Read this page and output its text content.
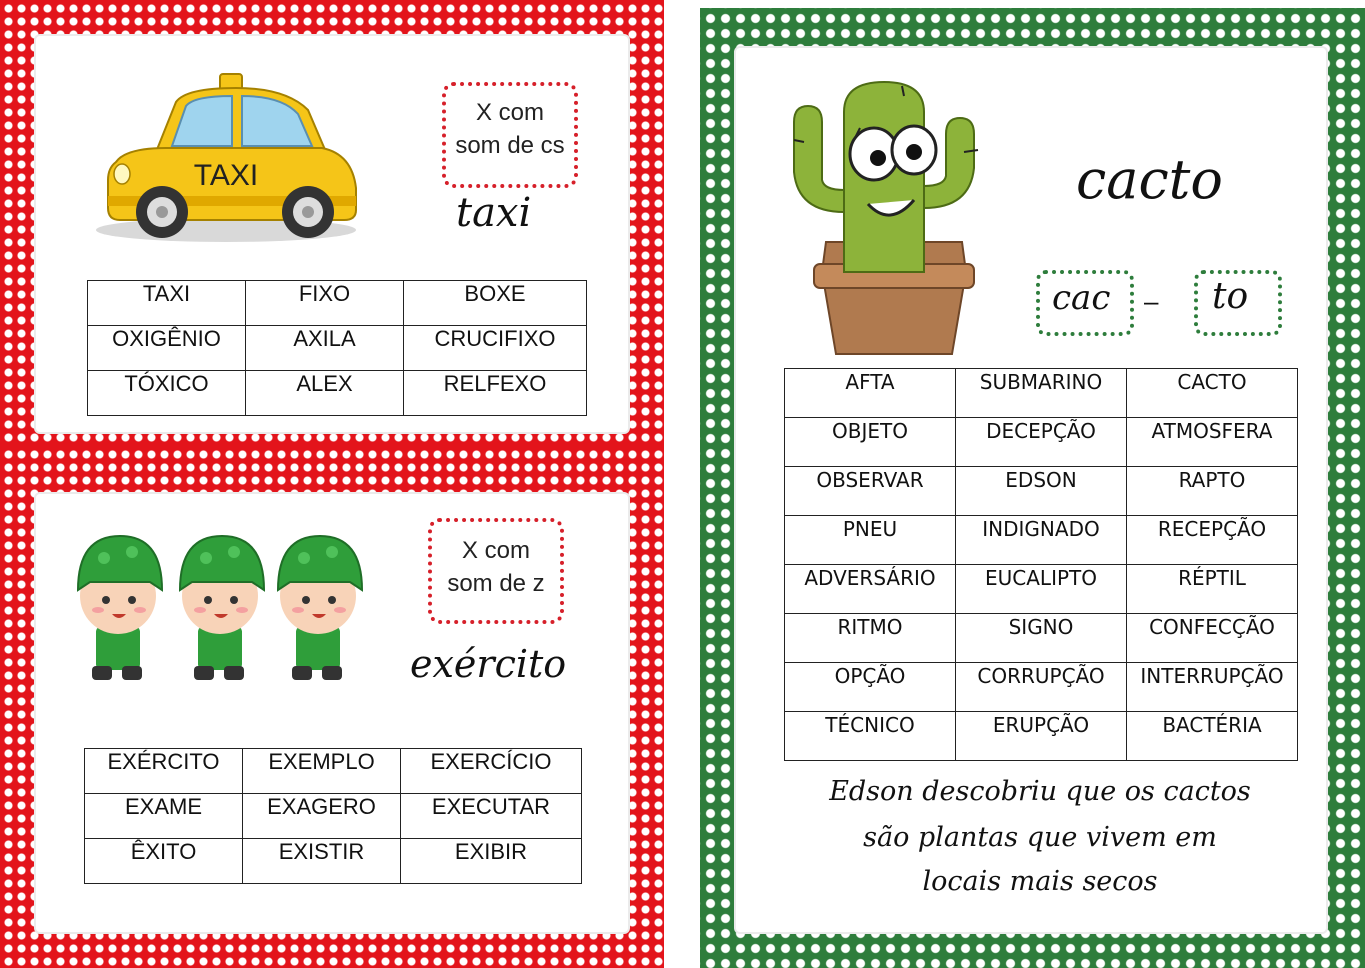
TAXI
X com
som de cs
taxi
TAXI	FIXO	BOXE
OXIGÊNIO	AXILA	CRUCIFIXO
TÓXICO	ALEX	RELFEXO
X com
som de z
exército
EXÉRCITO	EXEMPLO	EXERCÍCIO
EXAME	EXAGERO	EXECUTAR
ÊXITO	EXISTIR	EXIBIR
cacto
cac – to
AFTA	SUBMARINO	CACTO
OBJETO	DECEPÇÃO	ATMOSFERA
OBSERVAR	EDSON	RAPTO
PNEU	INDIGNADO	RECEPÇÃO
ADVERSÁRIO	EUCALIPTO	RÉPTIL
RITMO	SIGNO	CONFECÇÃO
OPÇÃO	CORRUPÇÃO	INTERRUPÇÃO
TÉCNICO	ERUPÇÃO	BACTÉRIA
Edson descobriu que os cactos
são plantas que vivem em
locais mais secos
